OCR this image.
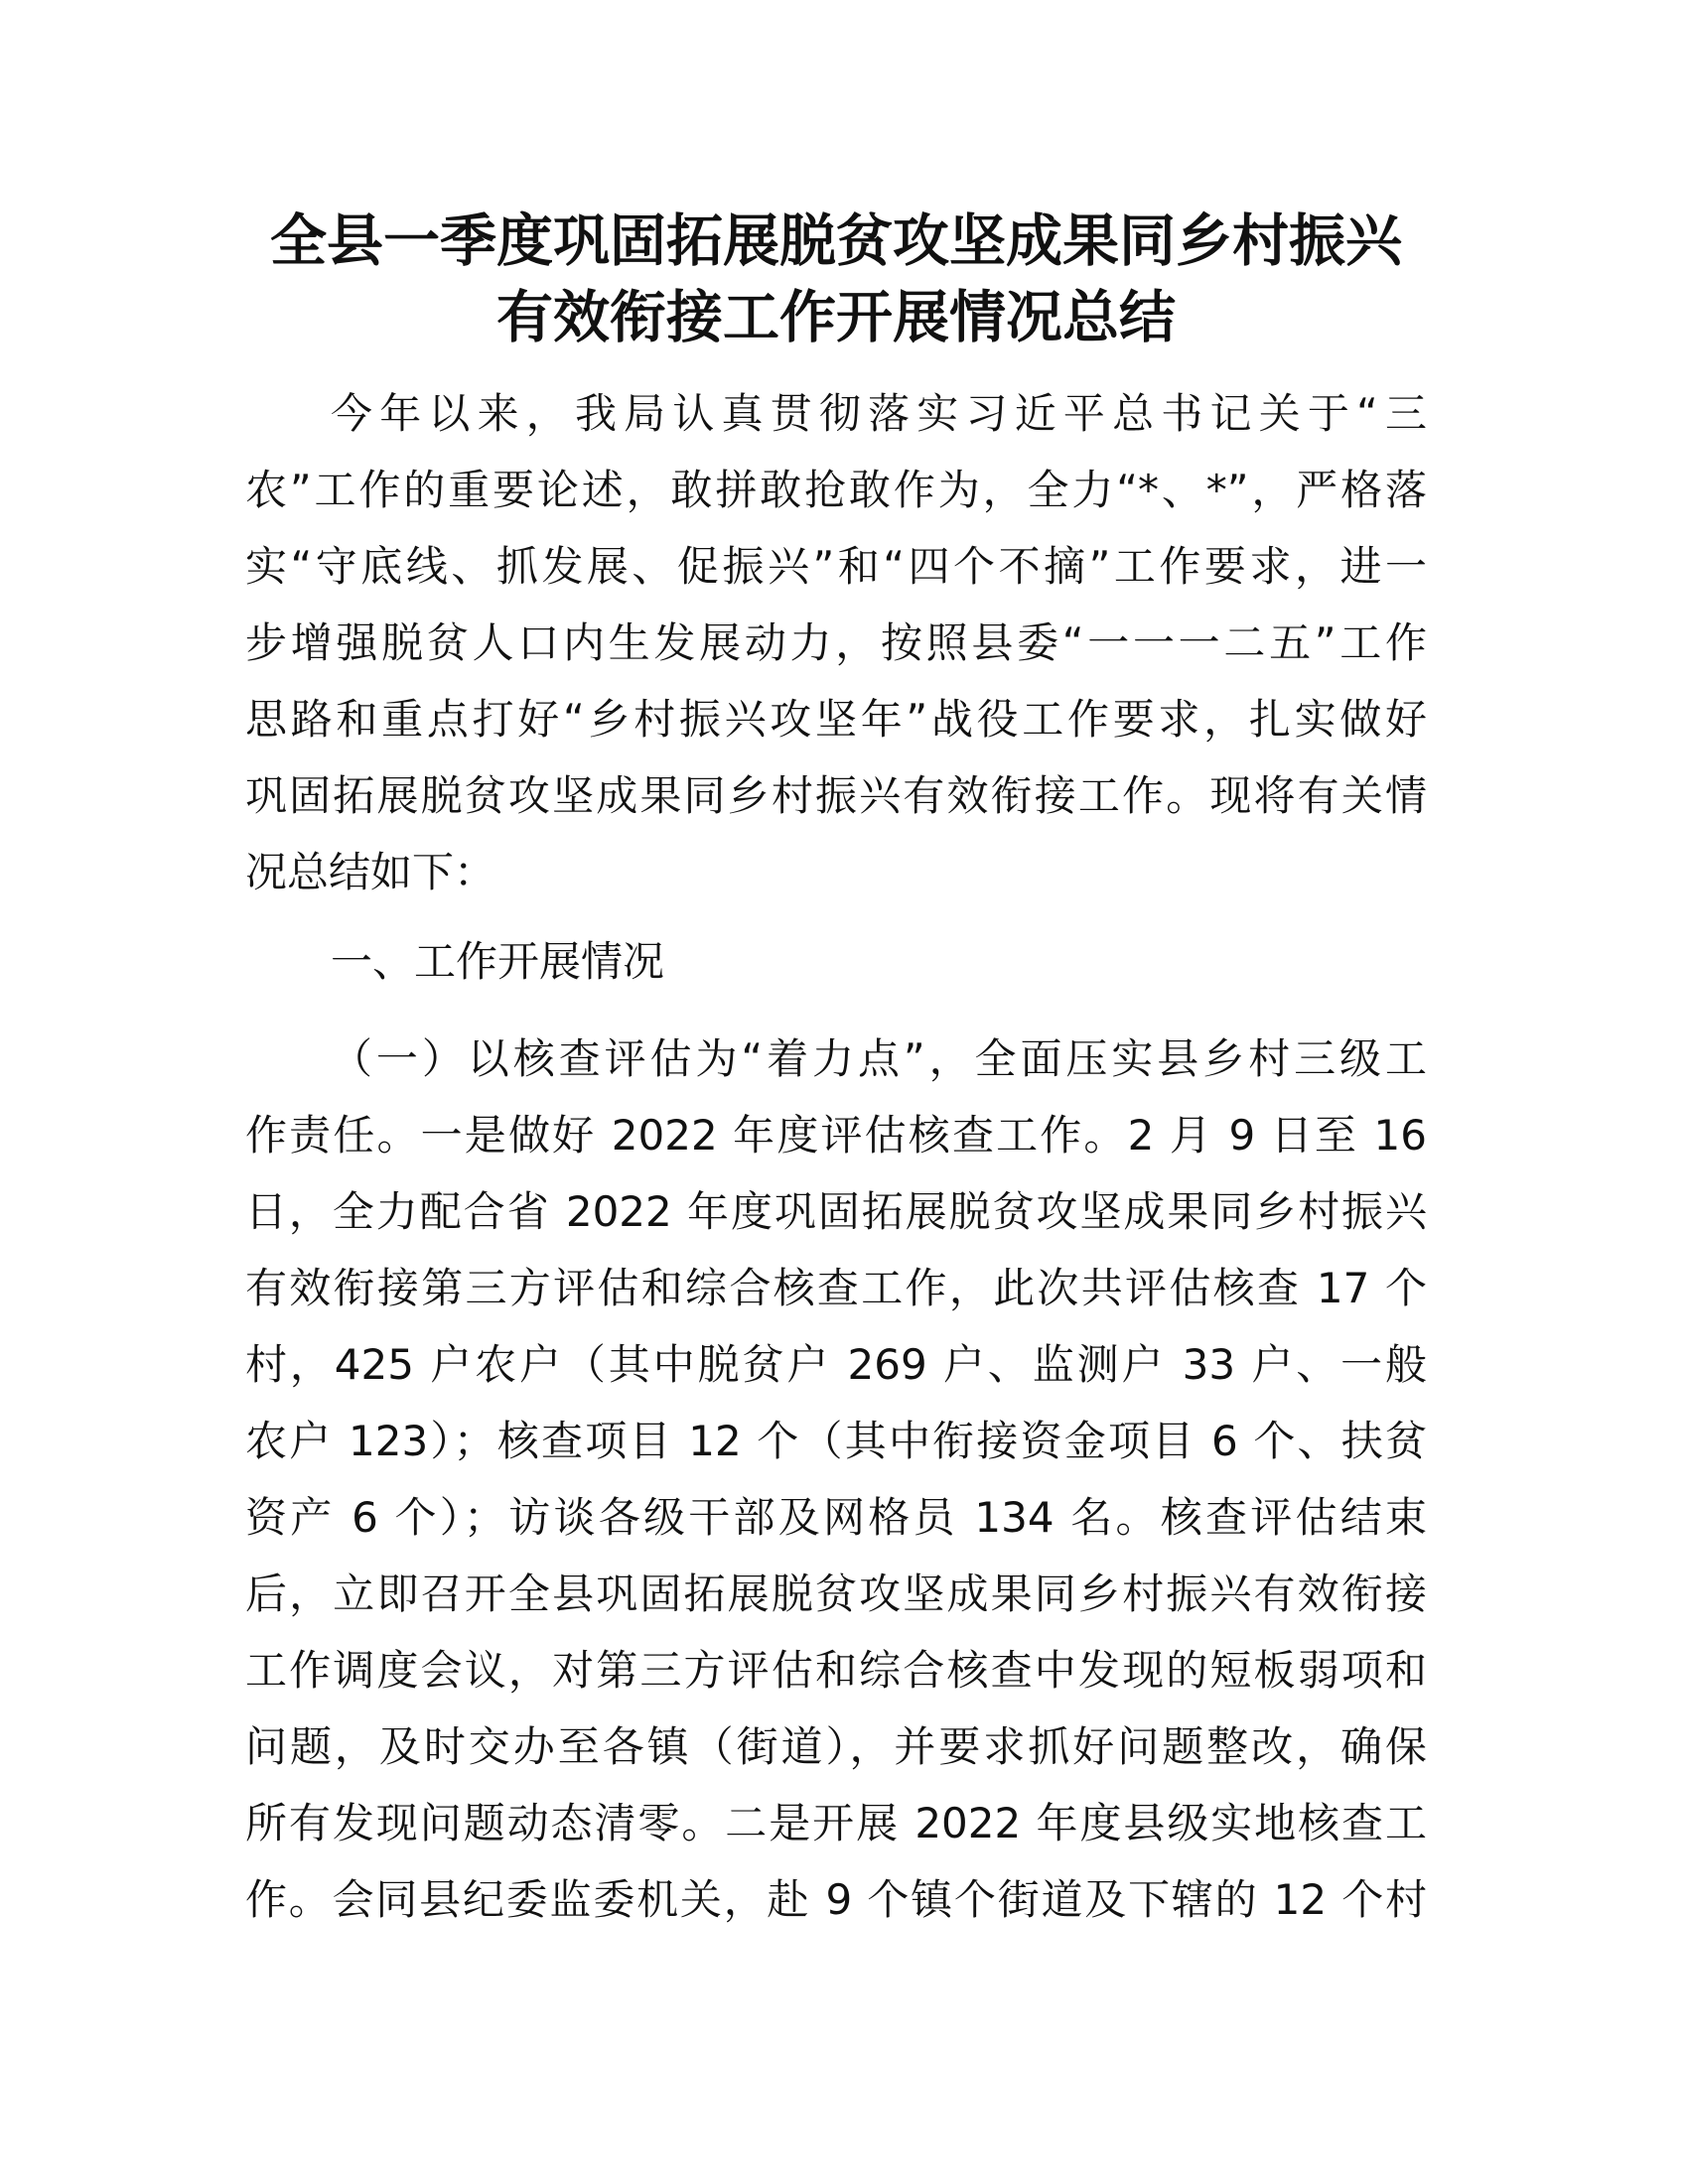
全县一季度巩固拓展脱贫攻坚成果同乡村振兴
有效衔接工作开展情况总结
今年以来，我局认真贯彻落实习近平总书记关于“三
农”工作的重要论述，敢拼敢抢敢作为，全力“*、*”，严格落
实“守底线、抓发展、促振兴”和“四个不摘”工作要求，进一
步增强脱贫人口内生发展动力，按照县委“一一一二五”工作
思路和重点打好“乡村振兴攻坚年”战役工作要求，扎实做好
巩固拓展脱贫攻坚成果同乡村振兴有效衔接工作。现将有关情
况总结如下：
一、工作开展情况
（一）以核查评估为“着力点”，全面压实县乡村三级工
作责任。一是做好 2022 年度评估核查工作。2 月 9 日至 16
日，全力配合省 2022 年度巩固拓展脱贫攻坚成果同乡村振兴
有效衔接第三方评估和综合核查工作，此次共评估核查 17 个
村，425 户农户（其中脱贫户 269 户、监测户 33 户、一般
农户 123）；核查项目 12 个（其中衔接资金项目 6 个、扶贫
资产 6 个）；访谈各级干部及网格员 134 名。核查评估结束
后，立即召开全县巩固拓展脱贫攻坚成果同乡村振兴有效衔接
工作调度会议，对第三方评估和综合核查中发现的短板弱项和
问题，及时交办至各镇（街道），并要求抓好问题整改，确保
所有发现问题动态清零。二是开展 2022 年度县级实地核查工
作。会同县纪委监委机关，赴 9 个镇个街道及下辖的 12 个村
